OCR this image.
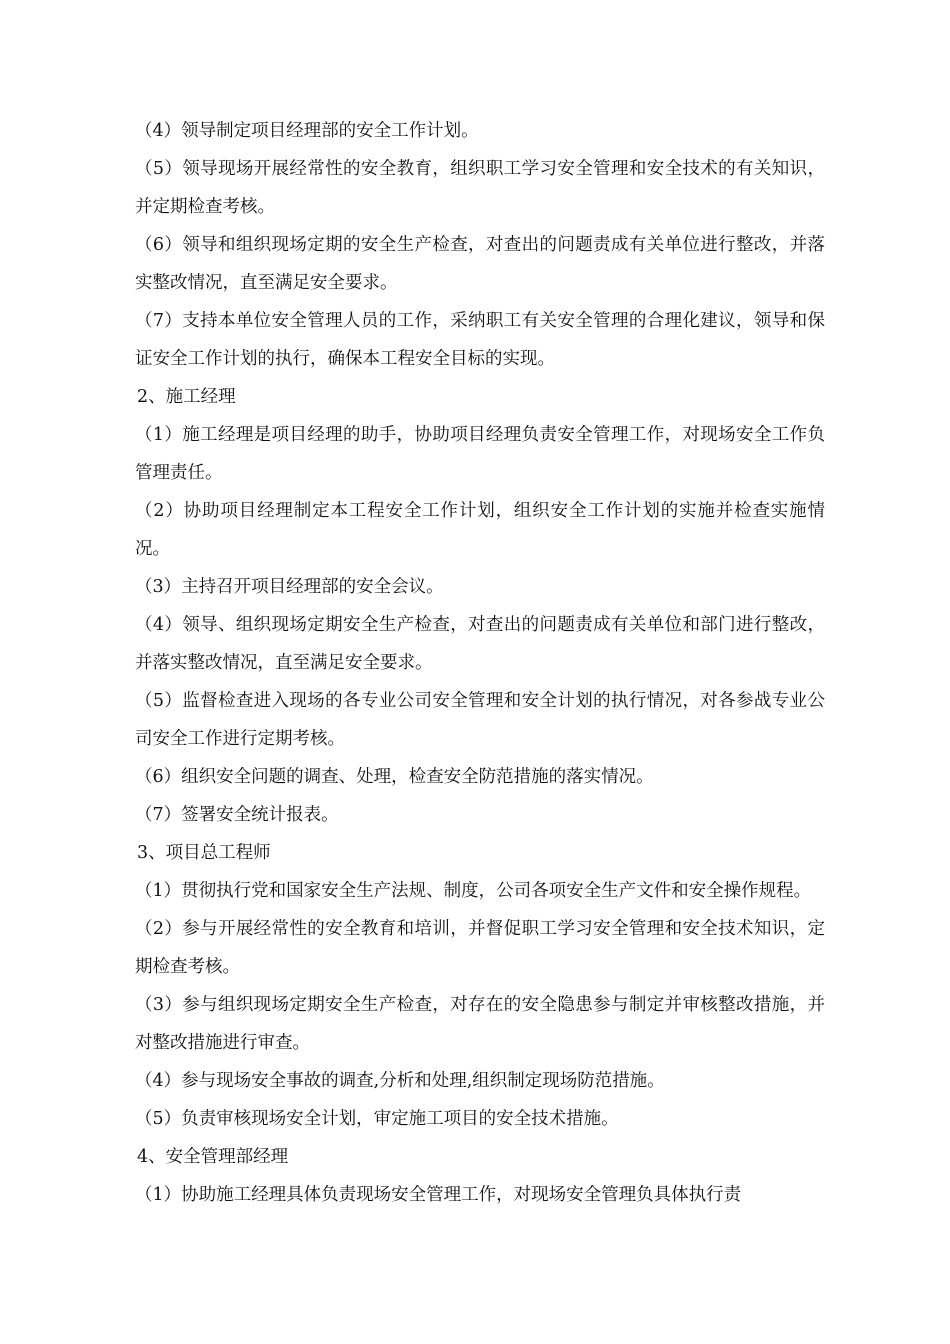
（4）领导制定项目经理部的安全工作计划。

（5）领导现场开展经常性的安全教育，组织职工学习安全管理和安全技术的有关知识，并定期检查考核。

（6）领导和组织现场定期的安全生产检查，对查出的问题责成有关单位进行整改，并落实整改情况，直至满足安全要求。

（7）支持本单位安全管理人员的工作，采纳职工有关安全管理的合理化建议，领导和保证安全工作计划的执行，确保本工程安全目标的实现。

2、施工经理

（1）施工经理是项目经理的助手，协助项目经理负责安全管理工作，对现场安全工作负管理责任。

（2）协助项目经理制定本工程安全工作计划，组织安全工作计划的实施并检查实施情况。

（3）主持召开项目经理部的安全会议。

（4）领导、组织现场定期安全生产检查，对查出的问题责成有关单位和部门进行整改，并落实整改情况，直至满足安全要求。

（5）监督检查进入现场的各专业公司安全管理和安全计划的执行情况，对各参战专业公司安全工作进行定期考核。

（6）组织安全问题的调查、处理，检查安全防范措施的落实情况。

（7）签署安全统计报表。

3、项目总工程师

（1）贯彻执行党和国家安全生产法规、制度，公司各项安全生产文件和安全操作规程。

（2）参与开展经常性的安全教育和培训，并督促职工学习安全管理和安全技术知识，定期检查考核。

（3）参与组织现场定期安全生产检查，对存在的安全隐患参与制定并审核整改措施，并对整改措施进行审查。

（4）参与现场安全事故的调查,分析和处理,组织制定现场防范措施。

（5）负责审核现场安全计划，审定施工项目的安全技术措施。

4、安全管理部经理

（1）协助施工经理具体负责现场安全管理工作，对现场安全管理负具体执行责
